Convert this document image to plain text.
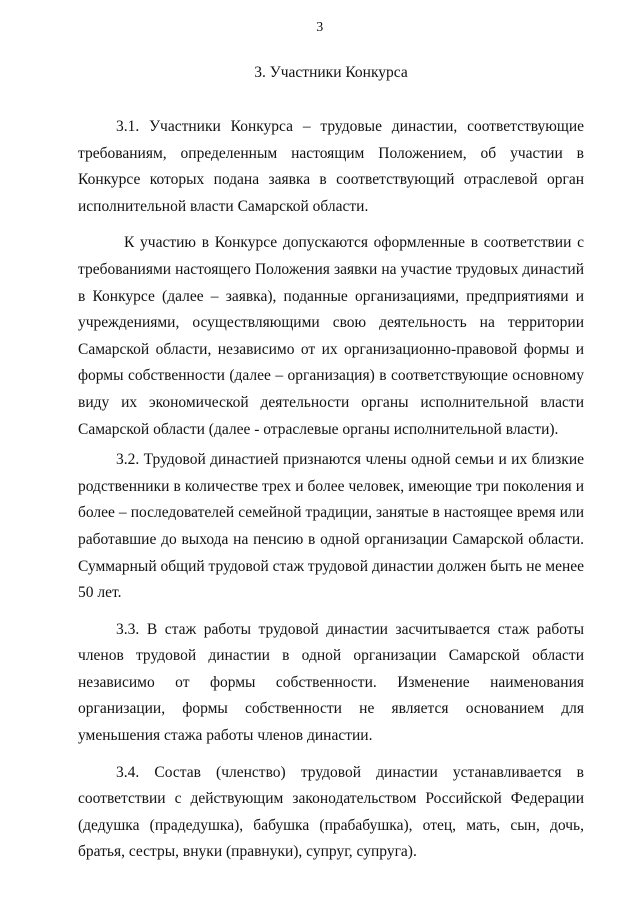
3
3. Участники Конкурса

3.1. Участники Конкурса – трудовые династии, соответствующие требованиям, определенным настоящим Положением, об участии в Конкурсе которых подана заявка в соответствующий отраслевой орган исполнительной власти Самарской области.

К участию в Конкурсе допускаются оформленные в соответствии с требованиями настоящего Положения заявки на участие трудовых династий в Конкурсе (далее – заявка), поданные организациями, предприятиями и учреждениями, осуществляющими свою деятельность на территории Самарской области, независимо от их организационно-правовой формы и формы собственности (далее – организация) в соответствующие основному виду их экономической деятельности органы исполнительной власти Самарской области (далее - отраслевые органы исполнительной власти).

3.2. Трудовой династией признаются члены одной семьи и их близкие родственники в количестве трех и более человек, имеющие три поколения и более – последователей семейной традиции, занятые в настоящее время или работавшие до выхода на пенсию в одной организации Самарской области. Суммарный общий трудовой стаж трудовой династии должен быть не менее 50 лет.

3.3. В стаж работы трудовой династии засчитывается стаж работы членов трудовой династии в одной организации Самарской области независимо от формы собственности. Изменение наименования организации, формы собственности не является основанием для уменьшения стажа работы членов династии.

3.4. Состав (членство) трудовой династии устанавливается в соответствии с действующим законодательством Российской Федерации (дедушка (прадедушка), бабушка (прабабушка), отец, мать, сын, дочь, братья, сестры, внуки (правнуки), супруг, супруга).
